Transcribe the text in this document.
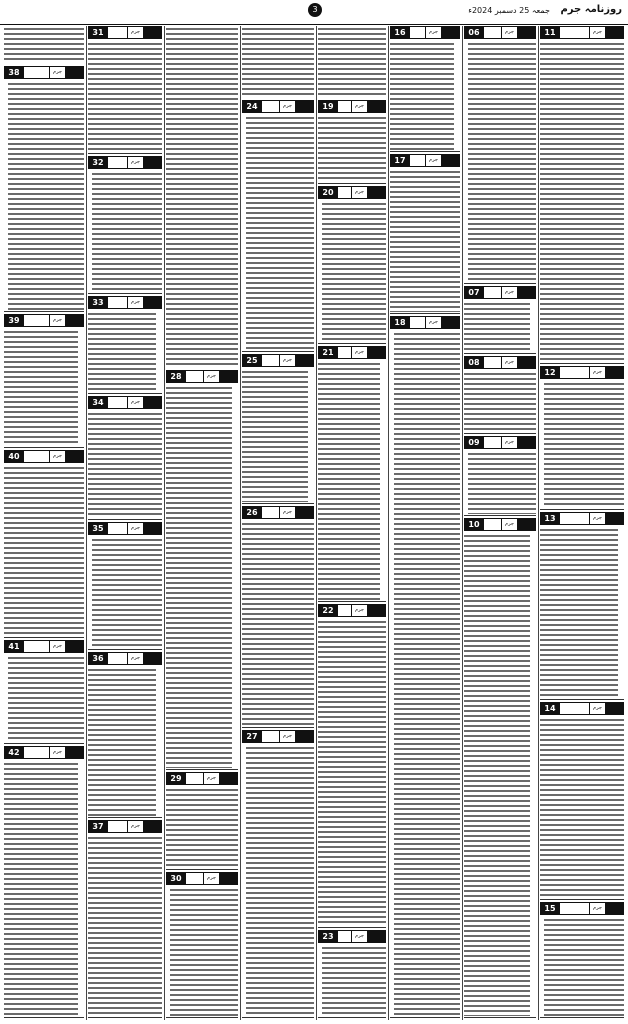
روزنامہ جرم
جمعہ 25 دسمبر 2024ء
3
11	جرم
12	جرم
13	جرم
14	جرم
15	جرم
06	جرم
07	جرم
08	جرم
09	جرم
10	جرم
16	جرم
17	جرم
18	جرم
19	جرم
20	جرم
21	جرم
22	جرم
23	جرم
24	جرم
25	جرم
26	جرم
27	جرم
28	جرم
29	جرم
30	جرم
31	جرم
32	جرم
33	جرم
34	جرم
35	جرم
36	جرم
37	جرم
38	جرم
39	جرم
40	جرم
41	جرم
42	جرم
